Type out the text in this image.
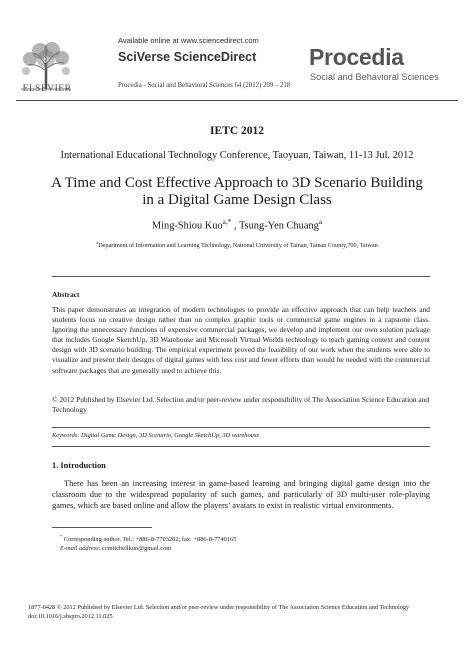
ELSEVIER
Available online at www.sciencedirect.com
SciVerse ScienceDirect
Procedia - Social and Behavioral Sciences 64 (2012) 209 – 218
Procedia
Social and Behavioral Sciences
IETC 2012
International Educational Technology Conference, Taoyuan, Taiwan, 11-13 Jul. 2012
A Time and Cost Effective Approach to 3D Scenario Building
in a Digital Game Design Class
Ming-Shiou Kuo$^{a,*}$ , Tsung-Yen Chuang$^a$
$^a$Department of Information and Learning Technology, National University of Tainan, Tainan County,700, Taiwan
Abstract
This paper demonstrates an integration of modern technologies to provide an effective approach that can help teachers and students focus on creative design rather than on complex graphic tools or commercial game engines in a capstone class. Ignoring the unnecessary functions of expensive commercial packages, we develop and implement our own solution package that includes Google SketchUp, 3D Warehouse and Microsoft Virtual Worlds technology to teach gaming context and content design with 3D scenario building. The empirical experiment proved the feasibility of our work when the students were able to visualize and present their designs of digital games with less cost and fewer efforts than would be needed with the commercial software packages that are generally used to achieve this.
© 2012 Published by Elsevier Ltd. Selection and/or peer-review under responsibility of The Association Science Education and Technology
Keywords: Digital Game Design, 3D Scenario, Google SketchUp, 3D warehouse
1. Introduction
There has been an increasing interest in game-based learning and bringing digital game design into the classroom due to the widespread popularity of such games, and particularly of 3D multi-user role-playing games, which are based online and allow the players’ avatars to exist in realistic virtual environments.
* Corresponding author. Tel.: +886-8-7703202; fax: +886-8-7740165
E-mail address: ccmitchellkuo@gmail.com
1877-0428 © 2012 Published by Elsevier Ltd. Selection and/or peer-review under responsibility of The Association Science Education and Technology
doi:10.1016/j.sbspro.2012.11.025
